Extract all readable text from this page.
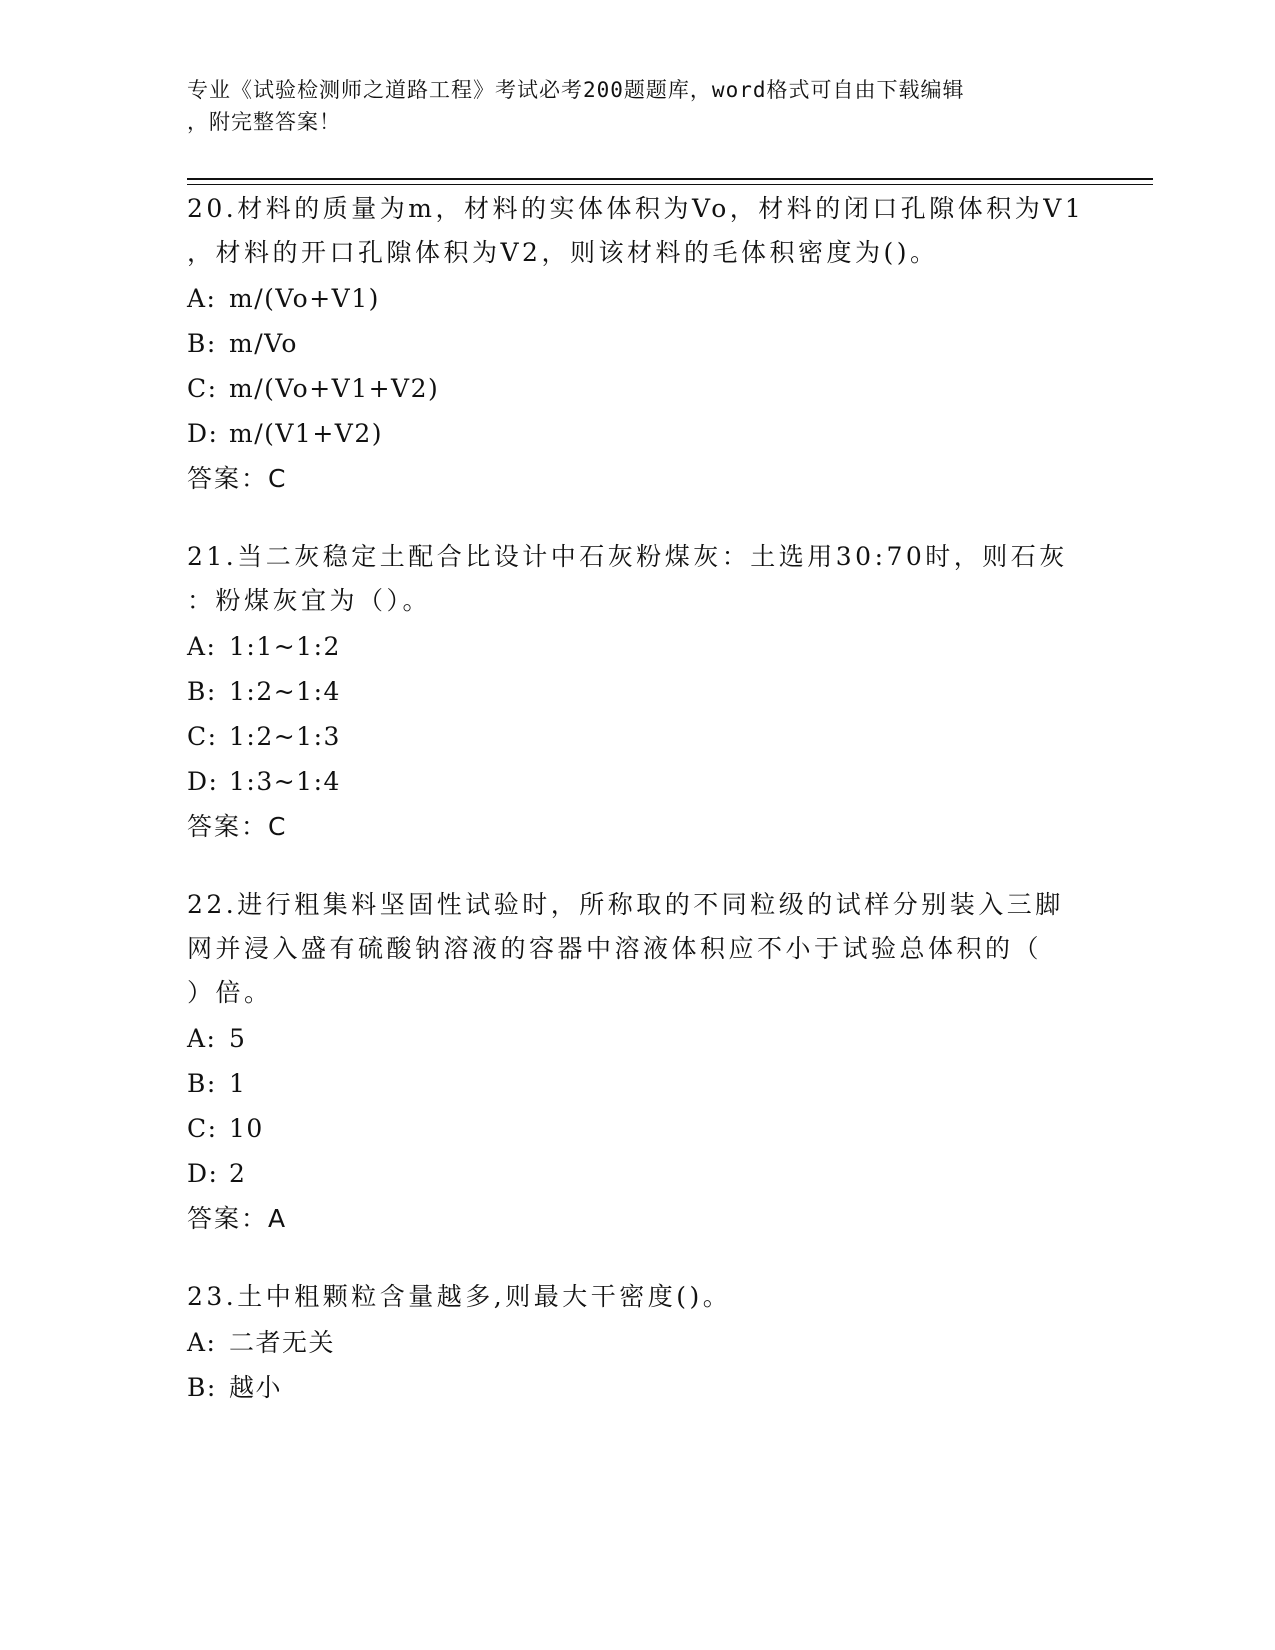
专业《试验检测师之道路工程》考试必考200题题库，word格式可自由下载编辑
，附完整答案！
20.材料的质量为m，材料的实体体积为Vo，材料的闭口孔隙体积为V1
，材料的开口孔隙体积为V2，则该材料的毛体积密度为()。
A: m/(Vo+V1)
B: m/Vo
C: m/(Vo+V1+V2)
D: m/(V1+V2)
答案：C
21.当二灰稳定土配合比设计中石灰粉煤灰：土选用30:70时，则石灰
：粉煤灰宜为（）。
A: 1:1~1:2
B: 1:2~1:4
C: 1:2~1:3
D: 1:3~1:4
答案：C
22.进行粗集料坚固性试验时，所称取的不同粒级的试样分别装入三脚
网并浸入盛有硫酸钠溶液的容器中溶液体积应不小于试验总体积的（
）倍。
A: 5
B: 1
C: 10
D: 2
答案：A
23.土中粗颗粒含量越多,则最大干密度()。
A: 二者无关
B: 越小
